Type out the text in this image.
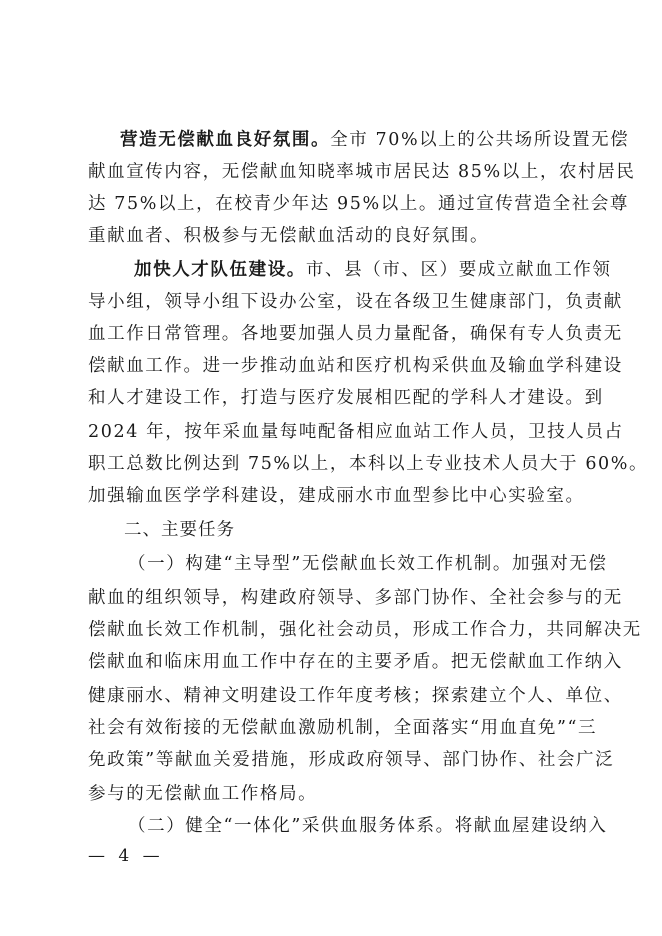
营造无偿献血良好氛围。全市 70%以上的公共场所设置无偿
献血宣传内容，无偿献血知晓率城市居民达 85%以上，农村居民
达 75%以上，在校青少年达 95%以上。通过宣传营造全社会尊
重献血者、积极参与无偿献血活动的良好氛围。
加快人才队伍建设。市、县（市、区）要成立献血工作领
导小组，领导小组下设办公室，设在各级卫生健康部门，负责献
血工作日常管理。各地要加强人员力量配备，确保有专人负责无
偿献血工作。进一步推动血站和医疗机构采供血及输血学科建设
和人才建设工作，打造与医疗发展相匹配的学科人才建设。到
2024 年，按年采血量每吨配备相应血站工作人员，卫技人员占
职工总数比例达到 75%以上，本科以上专业技术人员大于 60%。
加强输血医学学科建设，建成丽水市血型参比中心实验室。
二、主要任务
（一）构建“主导型”无偿献血长效工作机制。加强对无偿
献血的组织领导，构建政府领导、多部门协作、全社会参与的无
偿献血长效工作机制，强化社会动员，形成工作合力，共同解决无
偿献血和临床用血工作中存在的主要矛盾。把无偿献血工作纳入
健康丽水、精神文明建设工作年度考核；探索建立个人、单位、
社会有效衔接的无偿献血激励机制，全面落实“用血直免”“三
免政策”等献血关爱措施，形成政府领导、部门协作、社会广泛
参与的无偿献血工作格局。
（二）健全“一体化”采供血服务体系。将献血屋建设纳入
— 4 —
